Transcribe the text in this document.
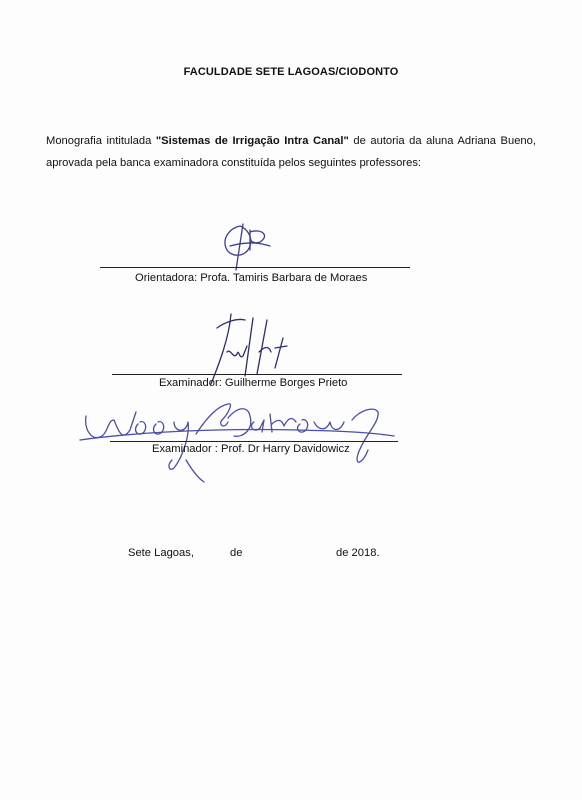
FACULDADE SETE LAGOAS/CIODONTO
Monografia intitulada "Sistemas de Irrigação Intra Canal" de autoria da aluna Adriana Bueno, aprovada pela banca examinadora constituída pelos seguintes professores:
Orientadora: Profa. Tamiris Barbara de Moraes
Examinador: Guilherme Borges Prieto
Examinador : Prof. Dr Harry Davidowicz
Sete Lagoas,	de	de 2018.
